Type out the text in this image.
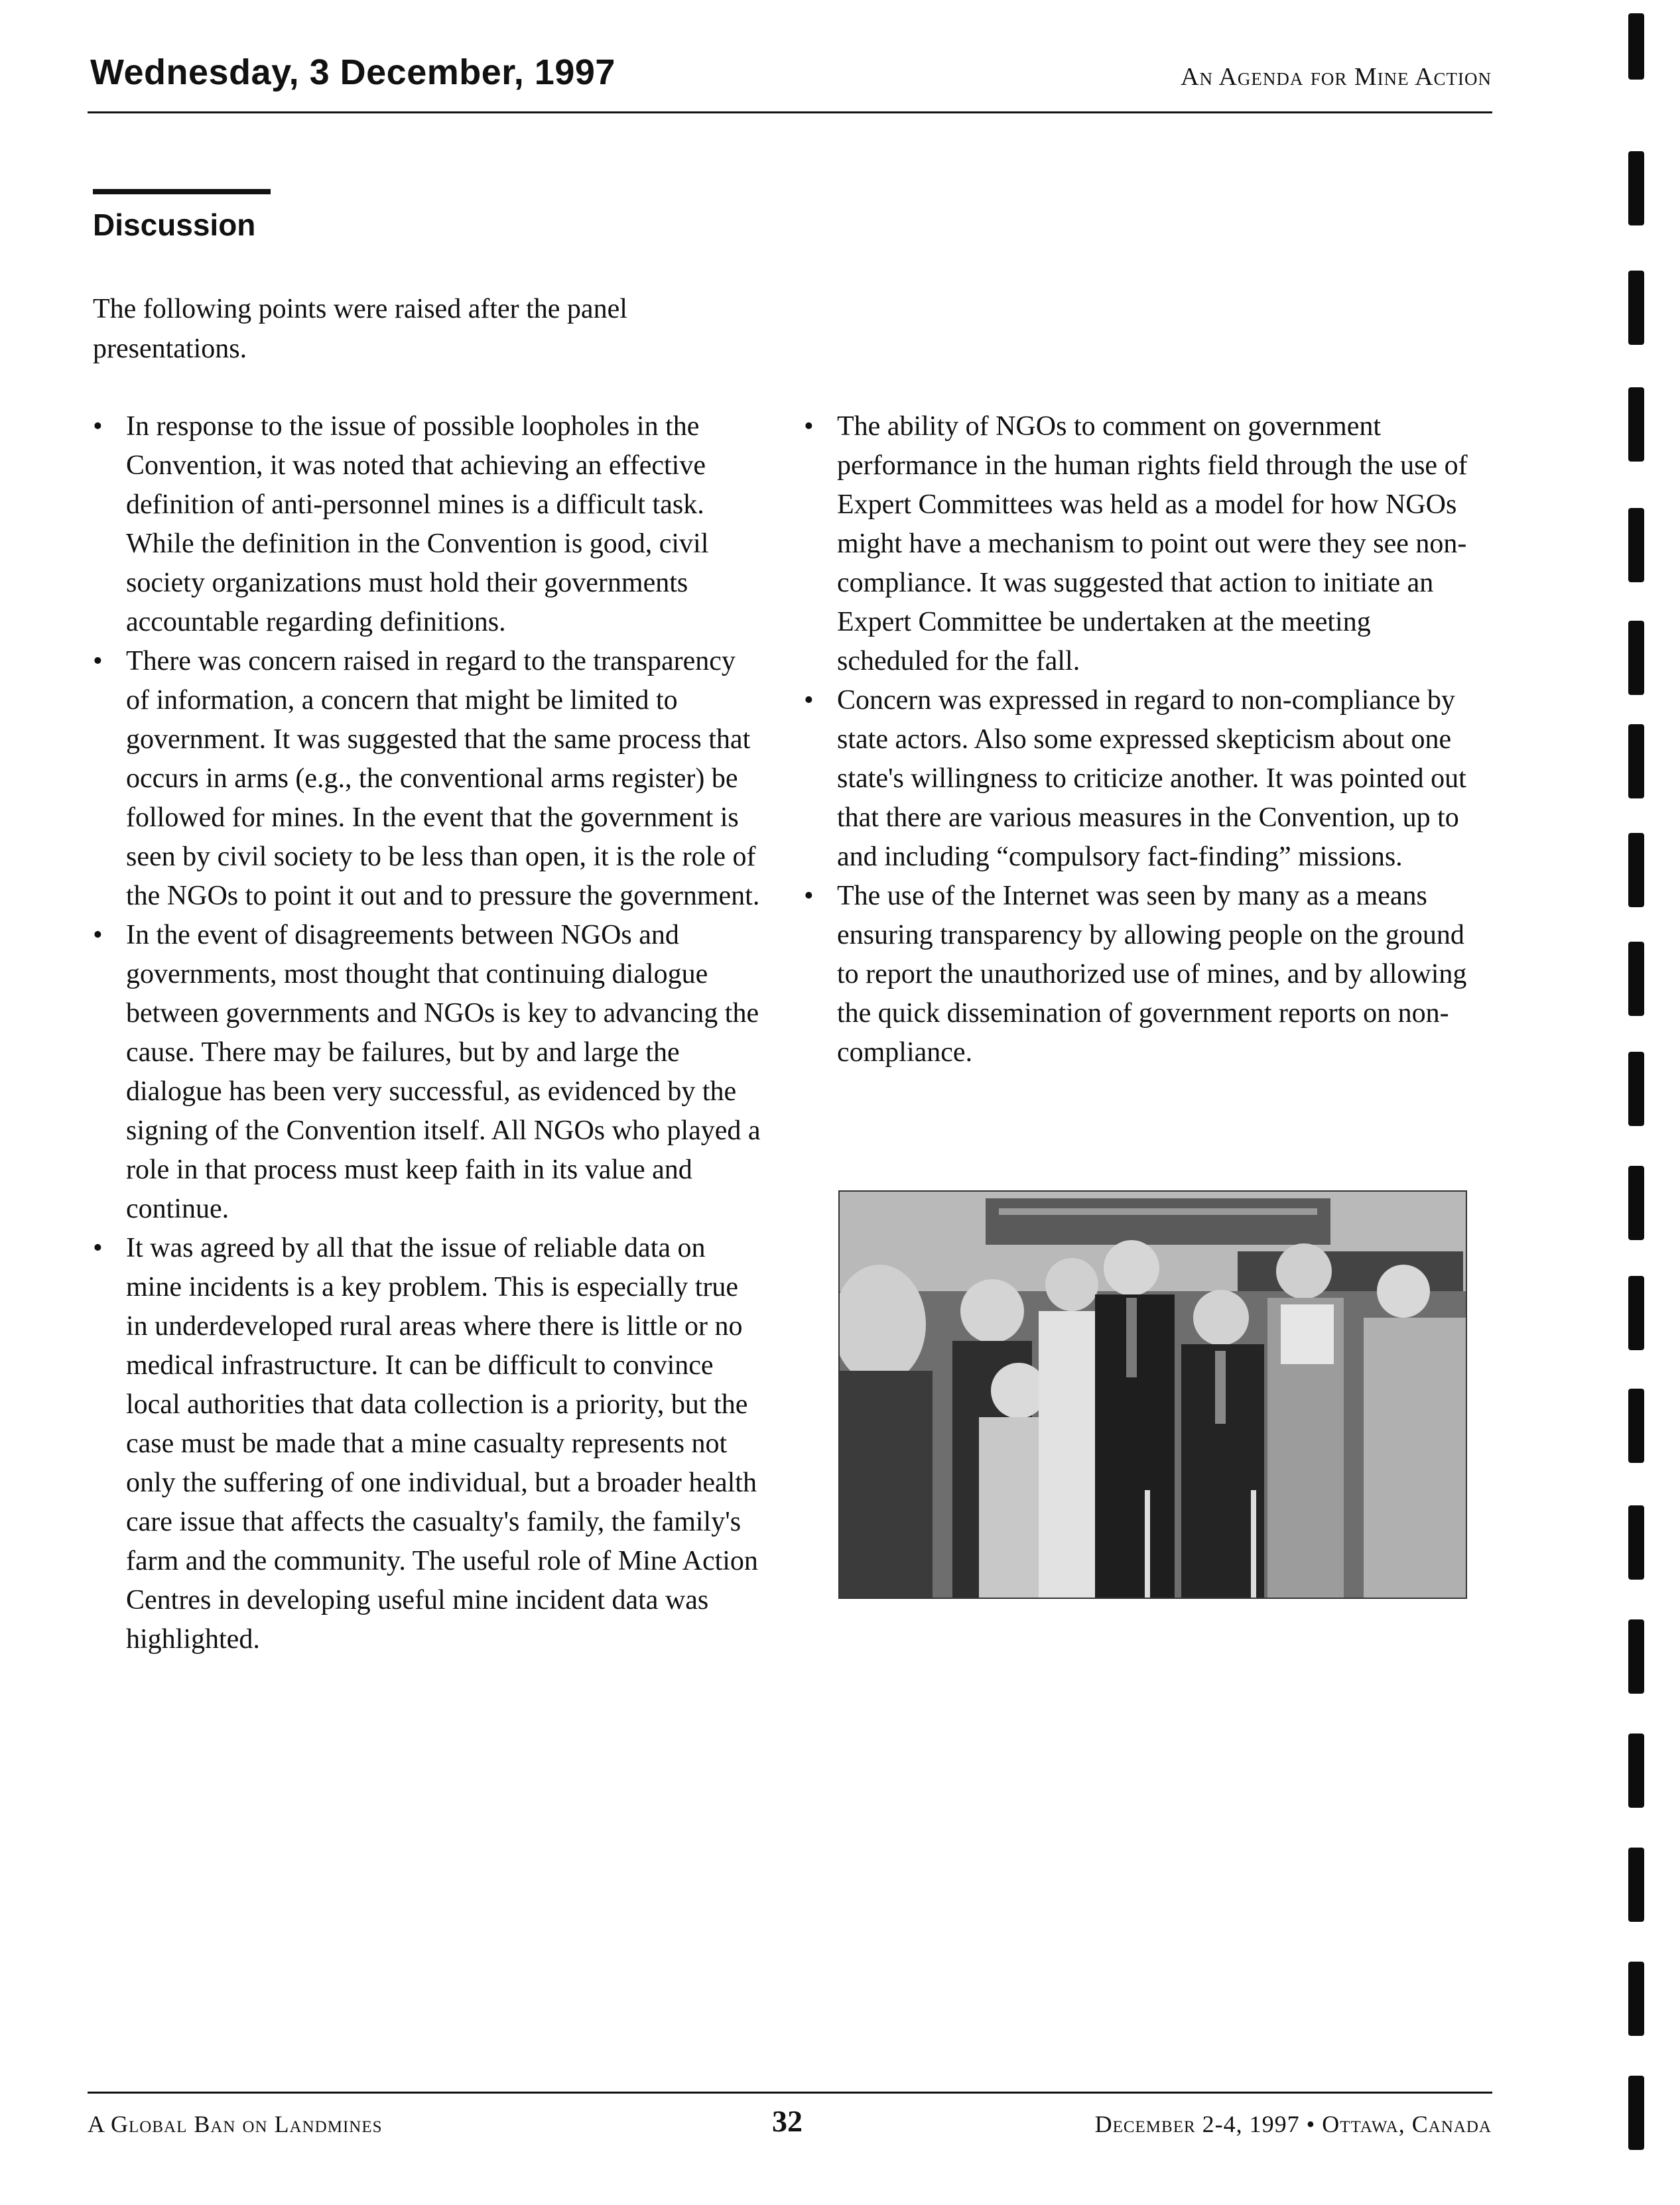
Wednesday, 3 December, 1997	An Agenda for Mine Action
Discussion
The following points were raised after the panel presentations.
• In response to the issue of possible loopholes in the Convention, it was noted that achieving an effective definition of anti-personnel mines is a difficult task. While the definition in the Convention is good, civil society organizations must hold their governments accountable regarding definitions.
• There was concern raised in regard to the transparency of information, a concern that might be limited to government. It was suggested that the same process that occurs in arms (e.g., the conventional arms register) be followed for mines. In the event that the government is seen by civil society to be less than open, it is the role of the NGOs to point it out and to pressure the government.
• In the event of disagreements between NGOs and governments, most thought that continuing dialogue between governments and NGOs is key to advancing the cause. There may be failures, but by and large the dialogue has been very successful, as evidenced by the signing of the Convention itself. All NGOs who played a role in that process must keep faith in its value and continue.
• It was agreed by all that the issue of reliable data on mine incidents is a key problem. This is especially true in underdeveloped rural areas where there is little or no medical infrastructure. It can be difficult to convince local authorities that data collection is a priority, but the case must be made that a mine casualty represents not only the suffering of one individual, but a broader health care issue that affects the casualty's family, the family's farm and the community. The useful role of Mine Action Centres in developing useful mine incident data was highlighted.
• The ability of NGOs to comment on government performance in the human rights field through the use of Expert Committees was held as a model for how NGOs might have a mechanism to point out were they see non-compliance. It was suggested that action to initiate an Expert Committee be undertaken at the meeting scheduled for the fall.
• Concern was expressed in regard to non-compliance by state actors. Also some expressed skepticism about one state's willingness to criticize another. It was pointed out that there are various measures in the Convention, up to and including “compulsory fact-finding” missions.
• The use of the Internet was seen by many as a means ensuring transparency by allowing people on the ground to report the unauthorized use of mines, and by allowing the quick dissemination of government reports on non-compliance.
A Global Ban on Landmines	32	December 2-4, 1997 • Ottawa, Canada
